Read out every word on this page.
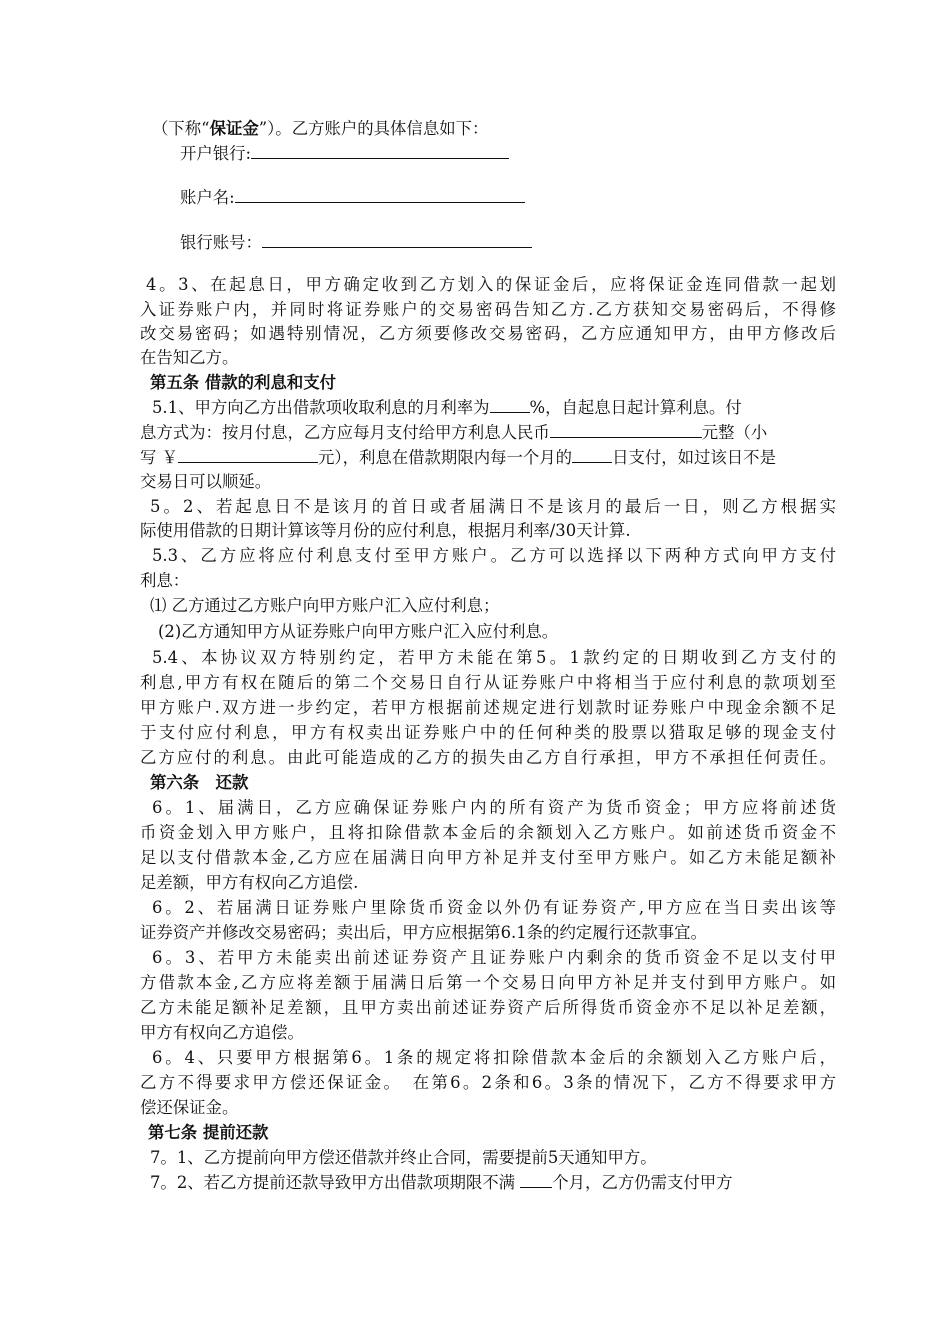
（下称“保证金”）。乙方账户的具体信息如下：
开户银行:
账户名:
银行账号：
4。3、在起息日，甲方确定收到乙方划入的保证金后，应将保证金连同借款一起划
入证券账户内，并同时将证券账户的交易密码告知乙方.乙方获知交易密码后，不得修
改交易密码；如遇特别情况，乙方须要修改交易密码，乙方应通知甲方，由甲方修改后
在告知乙方。
第五条 借款的利息和支付
5.1、甲方向乙方出借款项收取利息的月利率为 %，自起息日起计算利息。付
息方式为：按月付息，乙方应每月支付给甲方利息人民币	元整（小
写 ￥	元），利息在借款期限内每一个月的 日支付，如过该日不是
交易日可以顺延。
5。2、若起息日不是该月的首日或者届满日不是该月的最后一日，则乙方根据实
际使用借款的日期计算该等月份的应付利息，根据月利率/30天计算.
5.3、乙方应将应付利息支付至甲方账户。乙方可以选择以下两种方式向甲方支付
利息：
⑴ 乙方通过乙方账户向甲方账户汇入应付利息；
(2)乙方通知甲方从证券账户向甲方账户汇入应付利息。
5.4、本协议双方特别约定，若甲方未能在第5。1款约定的日期收到乙方支付的
利息,甲方有权在随后的第二个交易日自行从证券账户中将相当于应付利息的款项划至
甲方账户.双方进一步约定，若甲方根据前述规定进行划款时证券账户中现金余额不足
于支付应付利息，甲方有权卖出证券账户中的任何种类的股票以猎取足够的现金支付
乙方应付的利息。由此可能造成的乙方的损失由乙方自行承担，甲方不承担任何责任。
第六条　还款
6。1、届满日，乙方应确保证券账户内的所有资产为货币资金；甲方应将前述货
币资金划入甲方账户，且将扣除借款本金后的余额划入乙方账户。如前述货币资金不
足以支付借款本金,乙方应在届满日向甲方补足并支付至甲方账户。如乙方未能足额补
足差额，甲方有权向乙方追偿.
6。2、若届满日证券账户里除货币资金以外仍有证券资产,甲方应在当日卖出该等
证券资产并修改交易密码；卖出后，甲方应根据第6.1条的约定履行还款事宜。
6。3、若甲方未能卖出前述证券资产且证券账户内剩余的货币资金不足以支付甲
方借款本金,乙方应将差额于届满日后第一个交易日向甲方补足并支付到甲方账户。如
乙方未能足额补足差额，且甲方卖出前述证券资产后所得货币资金亦不足以补足差额，
甲方有权向乙方追偿。
6。4、只要甲方根据第6。1条的规定将扣除借款本金后的余额划入乙方账户后，
乙方不得要求甲方偿还保证金。　在第6。2条和6。3条的情况下，乙方不得要求甲方
偿还保证金。
第七条 提前还款
7。1、乙方提前向甲方偿还借款并终止合同，需要提前5天通知甲方。
7。2、若乙方提前还款导致甲方出借款项期限不满 个月，乙方仍需支付甲方
